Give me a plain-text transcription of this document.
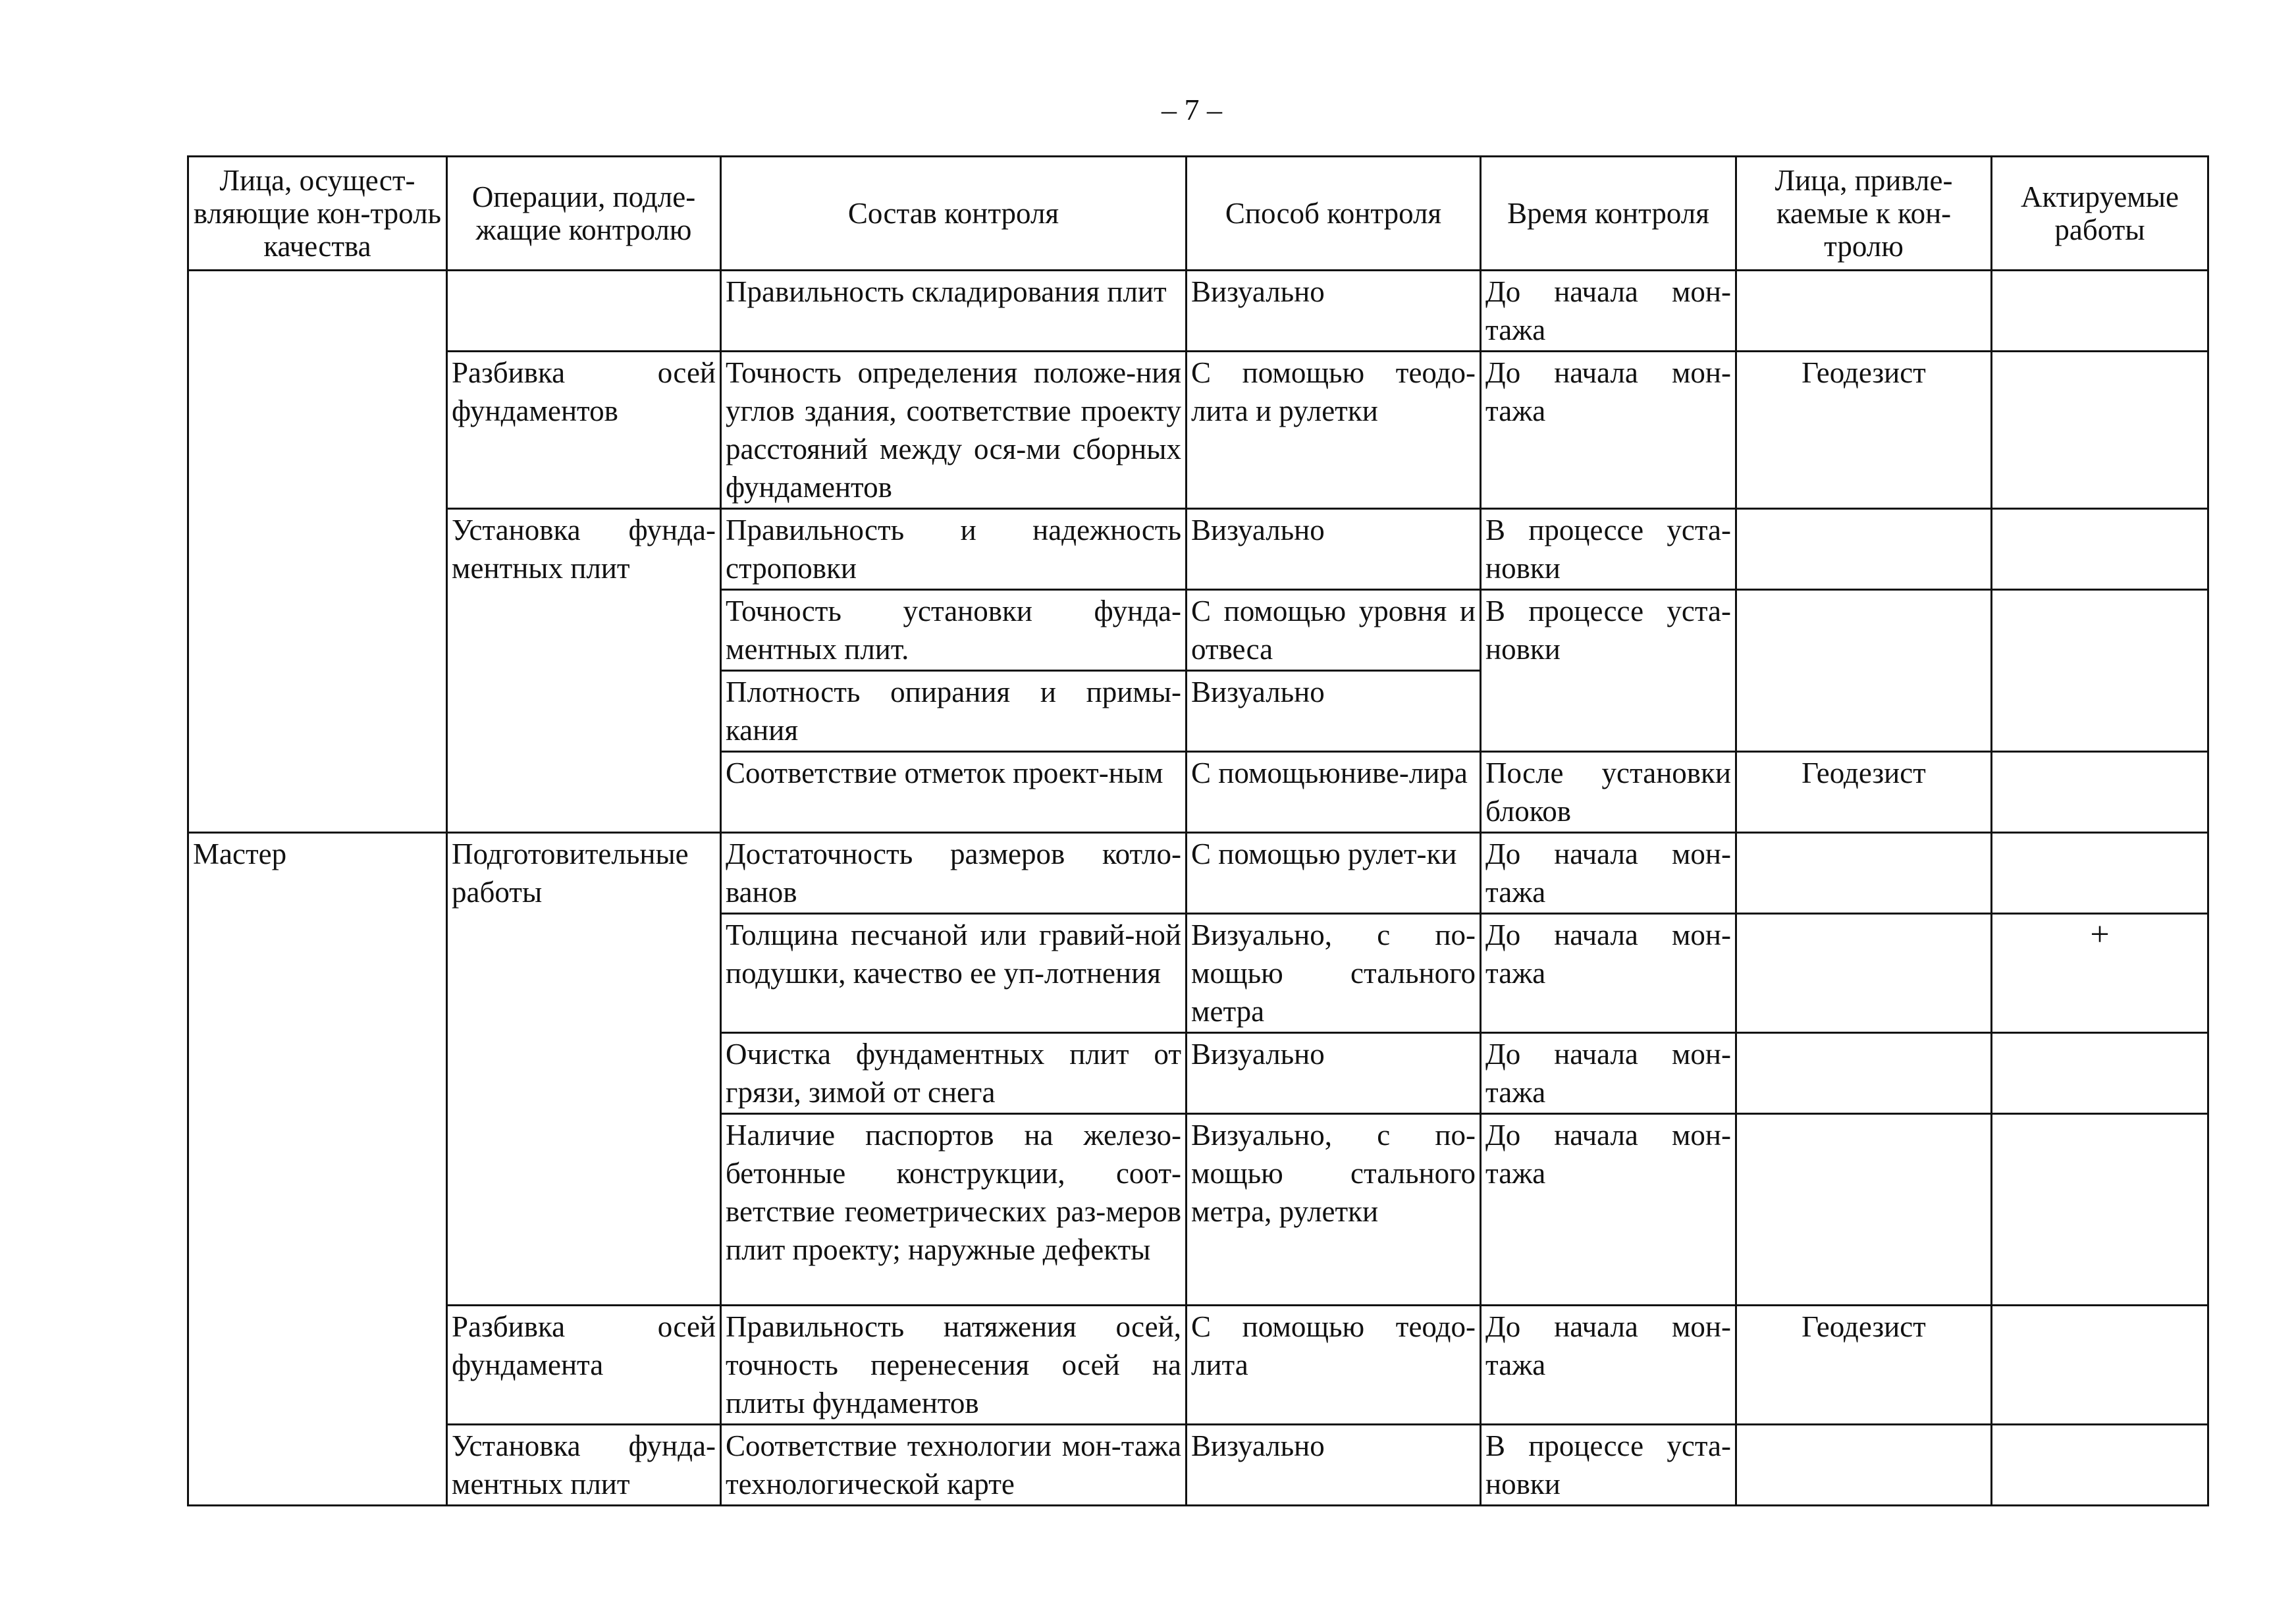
– 7 –
Лица, осущест-вляющие кон-троль качества	Операции, подле-жащие контролю	Состав контроля	Способ контроля	Время контроля	Лица, привле-каемые к кон-тролю	Актируемые работы
		Правильность складирования плит	Визуально	До начала мон-тажа		
	Разбивка осей фундаментов	Точность определения положе-ния углов здания, соответствие проекту расстояний между ося-ми сборных фундаментов	С помощью теодо-лита и рулетки	До начала мон-тажа	Геодезист	
	Установка фунда-ментных плит	Правильность и надежность строповки	Визуально	В процессе уста-новки		
		Точность установки фунда-ментных плит.	С помощью уровня и отвеса	В процессе уста-новки		
		Плотность опирания и примы-кания	Визуально			
		Соответствие отметок проект-ным	С помощьюниве-лира	После установки блоков	Геодезист	
Мастер	Подготовительные работы	Достаточность размеров котло-ванов	С помощью рулет-ки	До начала мон-тажа		
		Толщина песчаной или гравий-ной подушки, качество ее уп-лотнения	Визуально, с по-мощью стального метра	До начала мон-тажа		+
		Очистка фундаментных плит от грязи, зимой от снега	Визуально	До начала мон-тажа		
		Наличие паспортов на железо-бетонные конструкции, соот-ветствие геометрических раз-меров плит проекту; наружные дефекты	Визуально, с по-мощью стального метра, рулетки	До начала мон-тажа		
	Разбивка осей фундамента	Правильность натяжения осей, точность перенесения осей на плиты фундаментов	С помощью теодо-лита	До начала мон-тажа	Геодезист	
	Установка фунда-ментных плит	Соответствие технологии мон-тажа технологической карте	Визуально	В процессе уста-новки		
